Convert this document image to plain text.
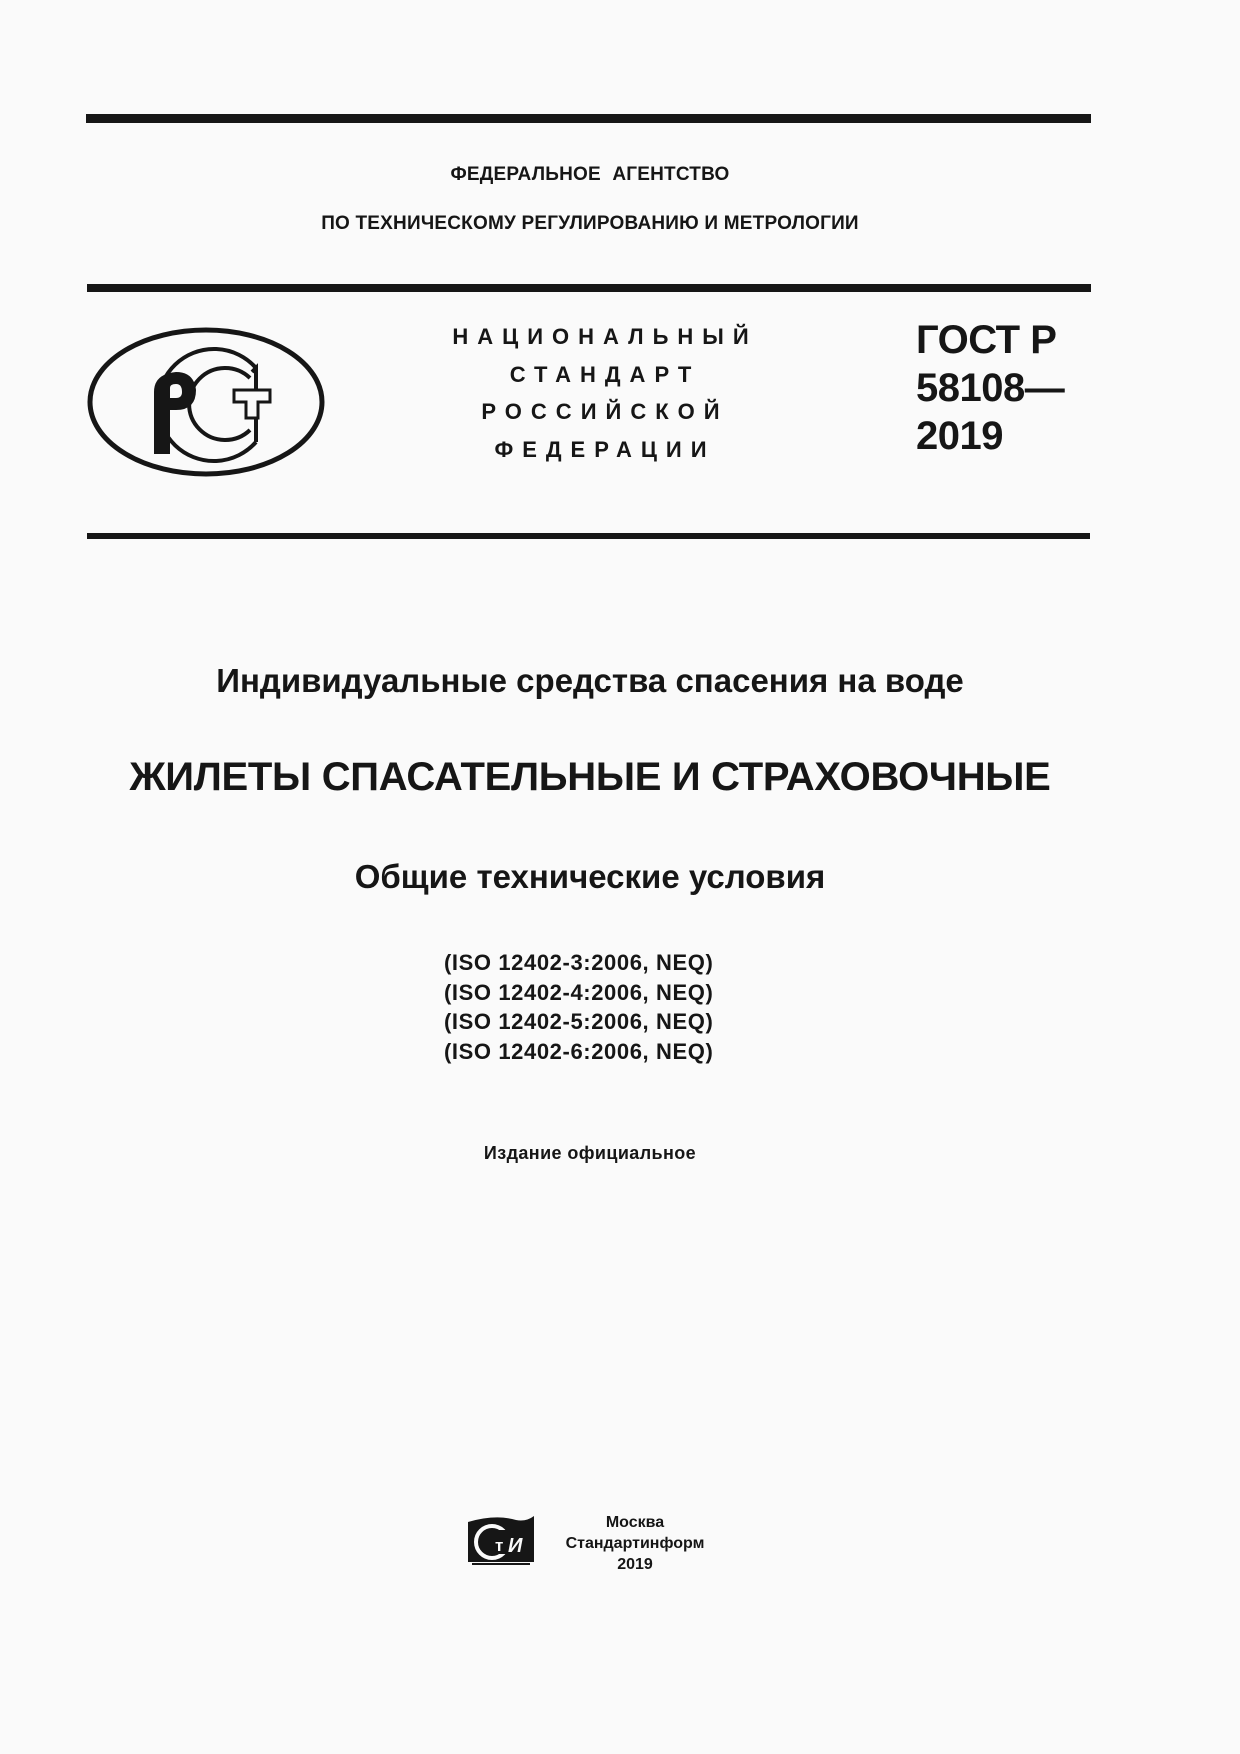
ФЕДЕРАЛЬНОЕ АГЕНТСТВО
ПО ТЕХНИЧЕСКОМУ РЕГУЛИРОВАНИЮ И МЕТРОЛОГИИ
НАЦИОНАЛЬНЫЙ
СТАНДАРТ
РОССИЙСКОЙ
ФЕДЕРАЦИИ
ГОСТ Р
58108—
2019
Индивидуальные средства спасения на воде
ЖИЛЕТЫ СПАСАТЕЛЬНЫЕ И СТРАХОВОЧНЫЕ
Общие технические условия
(ISO 12402-3:2006, NEQ)
(ISO 12402-4:2006, NEQ)
(ISO 12402-5:2006, NEQ)
(ISO 12402-6:2006, NEQ)
Издание официальное
т И
Москва
Стандартинформ
2019
